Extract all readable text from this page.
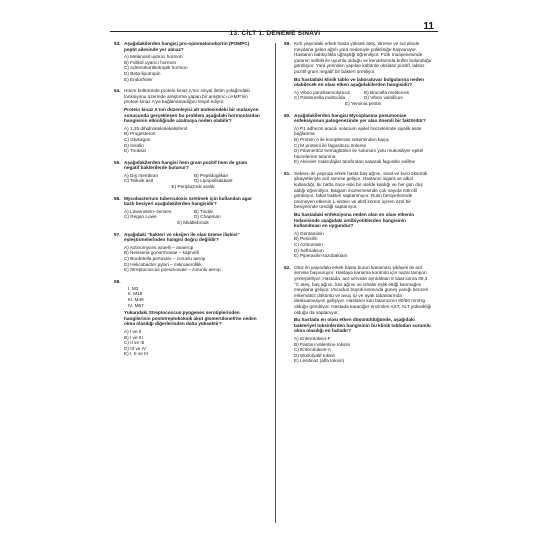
11
13. CİLT 1. DENEME SINAVI
53. Aşağıdakilerden hangisi pro-opiomelanokortin (POMPC) peptit ailesinde yer almaz?
A) Melanosit uyarıcı hormon
B) Folikül uyarıcı hormon
C) Adrenokortikotropik hormon
D) Beta-lipotropin
E) Endorfinler
54. Hücre kültüründe protein kinaz A'nın sinyal iletim yolağındaki fonksiyonu üzerinde araştırma yapan bir araştırıcı cAMP'nin protein kinaz A'ya bağlanamadığını tespit ediyor.
Protein kinaz A'nın düzenleyici alt ünitesindeki bir mutasyon sonucunda gerçekleşen bu problem aşağıdaki hormonlardan hangisinin etkinliğinde azalmaya neden olabilir?
A) 1,25 dihidroksikolekalsiferol
B) Progesteron
C) Glukagon
D) İnsülin
E) Tiroksin
55. Aşağıdakilerden hangisi hem gram pozitif hem de gram negatif bakterilerde bulunur?
A) Dış membran	B) Peptidoglikan
C) Teikoik asit	D) Lipopolisakkarit
E) Periplazmik aralık
56. Mycobacterium tuberculosis üretimek için kullanılan agar bazlı besiyeri aşağıdakilerden hangisidir?
A) Löwenstein–Jensen	B) Tindal
C) Regan Lowe	D) Chapman
E) Middlebrook
57. Aşağıdaki "bakteri ve oksijen ile olan üreme ilişkisi" eşleştirmelerinden hangisi doğru değildir?
A) Actinomyces israelii – anaerop
B) Neisseria gonorrhoeae – kapnofil
C) Bordetella pertussis – zorunlu aerop
D) Helicobacter pylori – mikroaerofilik
E) Streptococcus pneumoniae – zorunlu aerop
58.
I. M3
II. M18
III. M49
IV. M57
Yukarıdaki Streptococcus pyogenes serotiplerinden hangilerinin poststreptokoksik akut glomerülonefrite neden olma olasılığı diğerlerinden daha yüksektir?
A) I ve II
B) I ve III
C) II ve III
D) III ve IV
E) I, II ve III
59. Kırk yaşındaki erkek hasta yüksek ateş, titreme ve sol elinde meydana gelen ağrılı yara nedeniyle polikliniğe başvuruyor. Hastanın balıkçılıkla uğraştığı öğreniliyor. Fizik muayenesinde yaranın sellülit ile uyumlu olduğu ve kenarlarında büller bulunduğu görülüyor. Yara yerinden yapılan kültürde oksidaz pozitif, laktoz pozitif gram negatif bir bakteri üretiliyor.
Bu hastadaki klinik tablo ve laboratuvar bulgularına neden olabilecek en olası etken aşağıdakilerden hangisidir?
A) Vibrio parahaemolyticus	B) Brucella melitensis
C) Pasteurella multocida	D) Vibrio vulnificus
E) Yersinia pestis
60. Aşağıdakilerden hangisi Mycoplasma pneumoniae enfeksiyonun patogenezinde yer alan önemli bir faktördür?
A) P1 adhezin aracılı solunum epitel hücrelerinde siyalik asite bağlanma
B) Protein A ile kompleman sisteminden kaçış
C) M proteini ile fagositozu önleme
D) Filamentöz hemaglütinin ile solunum yolu mukosiliyer epitel hücrelerine tutunma
E) Alveoler makrofajlar tarafından sasarak fagositle edilme
61. Seksen iki yaşında erkek hasta baş ağrısı, sinat ve kuru öksürük şikayetleriyle acil servise geliyor. Hastanın sigara ve alkol kullandığı, bir hafta önce eski bir otelde kaldığı ve her gün duş aldığı öğreniliyor. Balgam incelemesinde çok sayıda nötrofil görülüyor, fakat bakteri saptanmıyor. Rutin besiyerlerinde üremeyen etkenin L-sistein ve aktif kömür içeren özel bir besiyerinde ürediği saptanıyor.
Bu hastadaki enfeksiyona neden olan en olası etkenin tedavisinde aşağıdaki antibiyotiklerden hangisinin kullanılması en uygundur?
A) Gentamisin
B) Penisilin
C) Azitromisin
D) Seftriakson
E) Piperasilin-tazobaktam
62. Otuz iki yaşındaki erkek hasta burun kanaması şikâyeti ile acil servise başvuruyor. Hastaya kanama kontrolü için nazal tampon yerleştiriliyor. Hastada, acil serviste ayrıldıktan 8 saat sonra 39,3 °C ateş, baş ağrısı, kas ağrısı ve ishalin eşlik ettiği kanmağını meydana geliyor. Vücudun büyük kısmında güneş yanığı benzeri eritematöz döküntü ve avuç içi ve ayak tabanlarında deskuamasyon gelişiyor. Hastanın kan basıncının 80/50 mmHg olduğu görülüyor. Hastada karaciğer enzimleri AST, ALT yüksekliği olduğu da saptanıyor.
Bu hastada en olası etken düşünüldüğünde, aşağıdaki bakteriyel toksinlerden hangisinin bu klinik tablodan sorumlu olma olasılığı en fazladır?
A) Enterotoksin-F
B) Panton-Valentine toksini
C) Enterotoksin-A
D) Eksfolyatif toksin
E) Lesitinaz (alfa toksin)
